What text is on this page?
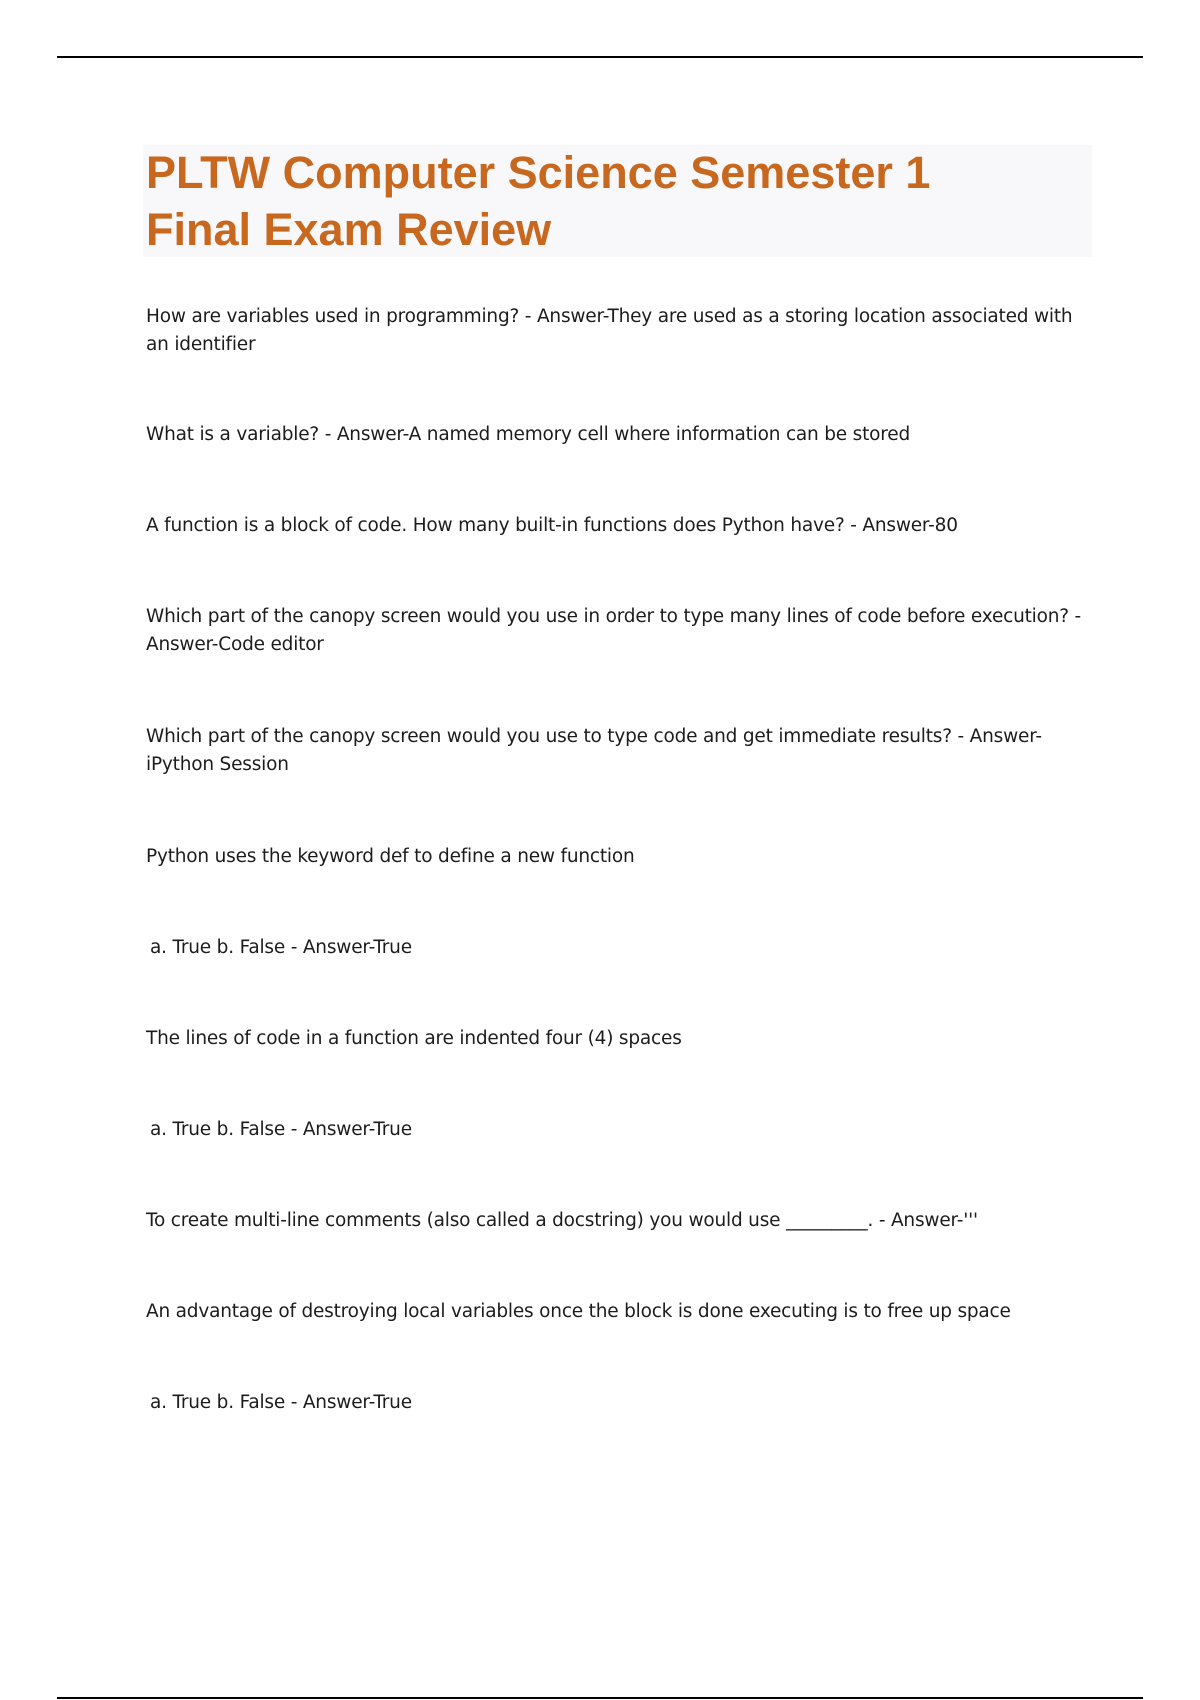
PLTW Computer Science Semester 1
Final Exam Review

How are variables used in programming? - Answer-They are used as a storing location associated with an identifier

What is a variable? - Answer-A named memory cell where information can be stored

A function is a block of code. How many built-in functions does Python have? - Answer-80

Which part of the canopy screen would you use in order to type many lines of code before execution? - Answer-Code editor

Which part of the canopy screen would you use to type code and get immediate results? - Answer-iPython Session

Python uses the keyword def to define a new function

a. True b. False - Answer-True

The lines of code in a function are indented four (4) spaces

a. True b. False - Answer-True

To create multi-line comments (also called a docstring) you would use _________. - Answer-'''

An advantage of destroying local variables once the block is done executing is to free up space

a. True b. False - Answer-True
